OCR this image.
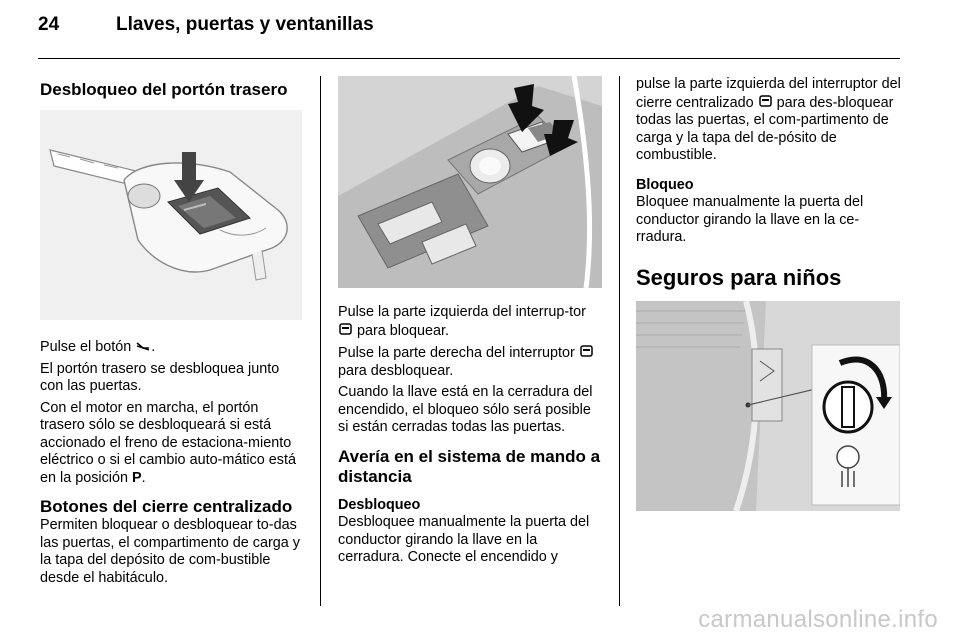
24	Llaves, puertas y ventanillas
Desbloqueo del portón trasero

Pulse el botón .

El portón trasero se desbloquea junto con las puertas.

Con el motor en marcha, el portón trasero sólo se desbloqueará si está accionado el freno de estaciona-miento eléctrico o si el cambio auto-mático está en la posición P.

Botones del cierre centralizado

Permiten bloquear o desbloquear to-das las puertas, el compartimento de carga y la tapa del depósito de com-bustible desde el habitáculo.

Pulse la parte izquierda del interrup-tor  para bloquear.

Pulse la parte derecha del interruptor  para desbloquear.

Cuando la llave está en la cerradura del encendido, el bloqueo sólo será posible si están cerradas todas las puertas.

Avería en el sistema de mando a distancia

Desbloqueo

Desbloquee manualmente la puerta del conductor girando la llave en la cerradura. Conecte el encendido y

pulse la parte izquierda del interruptor del cierre centralizado para des-bloquear todas las puertas, el com-partimento de carga y la tapa del de-pósito de combustible.

Bloqueo

Bloquee manualmente la puerta del conductor girando la llave en la ce-rradura.

Seguros para niños
carmanualsonline.info
